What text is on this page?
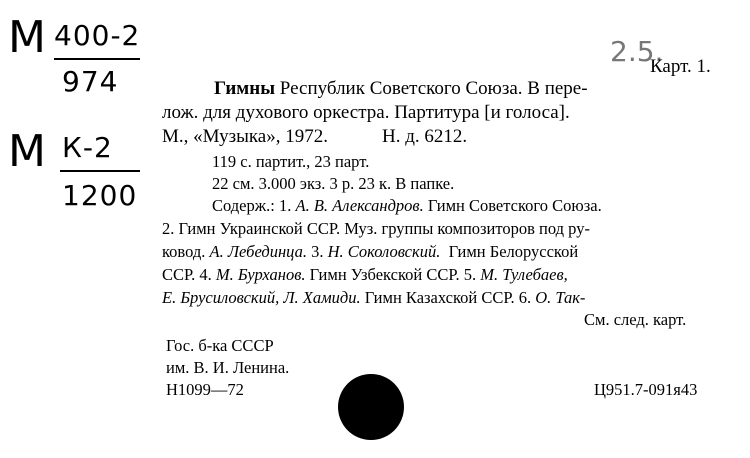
М 400-2
974
М К-2
1200
2.5.
Карт. 1.
Гимны Республик Советского Союза. В пере-
лож. для духового оркестра. Партитура [и голоса].
М., «Музыка», 1972.	Н. д. 6212.
119 с. партит., 23 парт.
22 см. 3.000 экз. 3 р. 23 к. В папке.
Содерж.: 1. А. В. Александров. Гимн Советского Союза.
2. Гимн Украинской ССР. Муз. группы композиторов под ру-
ковод. А. Лебединца. 3. Н. Соколовский.  Гимн Белорусской
ССР. 4. М. Бурханов. Гимн Узбекской ССР. 5. М. Тулебаев,
Е. Брусиловский, Л. Хамиди. Гимн Казахской ССР. 6. О. Так-
См. след. карт.
Гос. б-ка СССР
им. В. И. Ленина.
Н1099—72	Ц951.7-091я43
